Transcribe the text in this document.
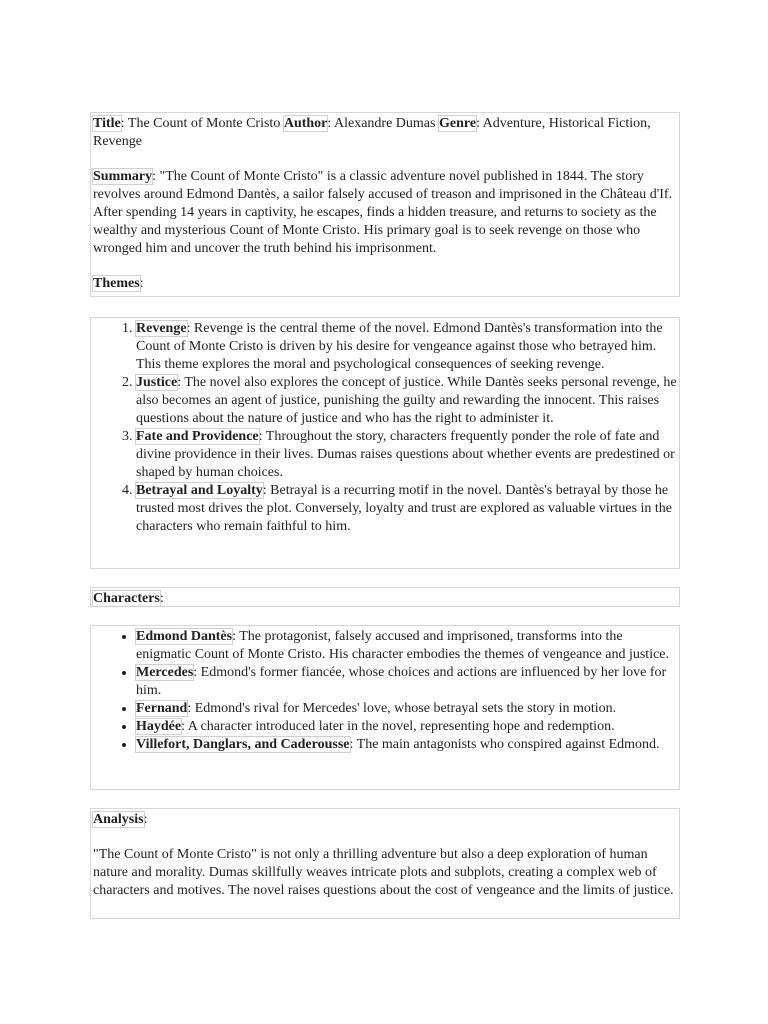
Title: The Count of Monte Cristo Author: Alexandre Dumas Genre: Adventure, Historical Fiction, Revenge

Summary: "The Count of Monte Cristo" is a classic adventure novel published in 1844. The story revolves around Edmond Dantès, a sailor falsely accused of treason and imprisoned in the Château d'If. After spending 14 years in captivity, he escapes, finds a hidden treasure, and returns to society as the wealthy and mysterious Count of Monte Cristo. His primary goal is to seek revenge on those who wronged him and uncover the truth behind his imprisonment.

Themes:

1. Revenge: Revenge is the central theme of the novel. Edmond Dantès's transformation into the Count of Monte Cristo is driven by his desire for vengeance against those who betrayed him. This theme explores the moral and psychological consequences of seeking revenge.
2. Justice: The novel also explores the concept of justice. While Dantès seeks personal revenge, he also becomes an agent of justice, punishing the guilty and rewarding the innocent. This raises questions about the nature of justice and who has the right to administer it.
3. Fate and Providence: Throughout the story, characters frequently ponder the role of fate and divine providence in their lives. Dumas raises questions about whether events are predestined or shaped by human choices.
4. Betrayal and Loyalty: Betrayal is a recurring motif in the novel. Dantès's betrayal by those he trusted most drives the plot. Conversely, loyalty and trust are explored as valuable virtues in the characters who remain faithful to him.

Characters:

• Edmond Dantès: The protagonist, falsely accused and imprisoned, transforms into the enigmatic Count of Monte Cristo. His character embodies the themes of vengeance and justice.
• Mercedes: Edmond's former fiancée, whose choices and actions are influenced by her love for him.
• Fernand: Edmond's rival for Mercedes' love, whose betrayal sets the story in motion.
• Haydée: A character introduced later in the novel, representing hope and redemption.
• Villefort, Danglars, and Caderousse: The main antagonists who conspired against Edmond.

Analysis:

"The Count of Monte Cristo" is not only a thrilling adventure but also a deep exploration of human nature and morality. Dumas skillfully weaves intricate plots and subplots, creating a complex web of characters and motives. The novel raises questions about the cost of vengeance and the limits of justice.
